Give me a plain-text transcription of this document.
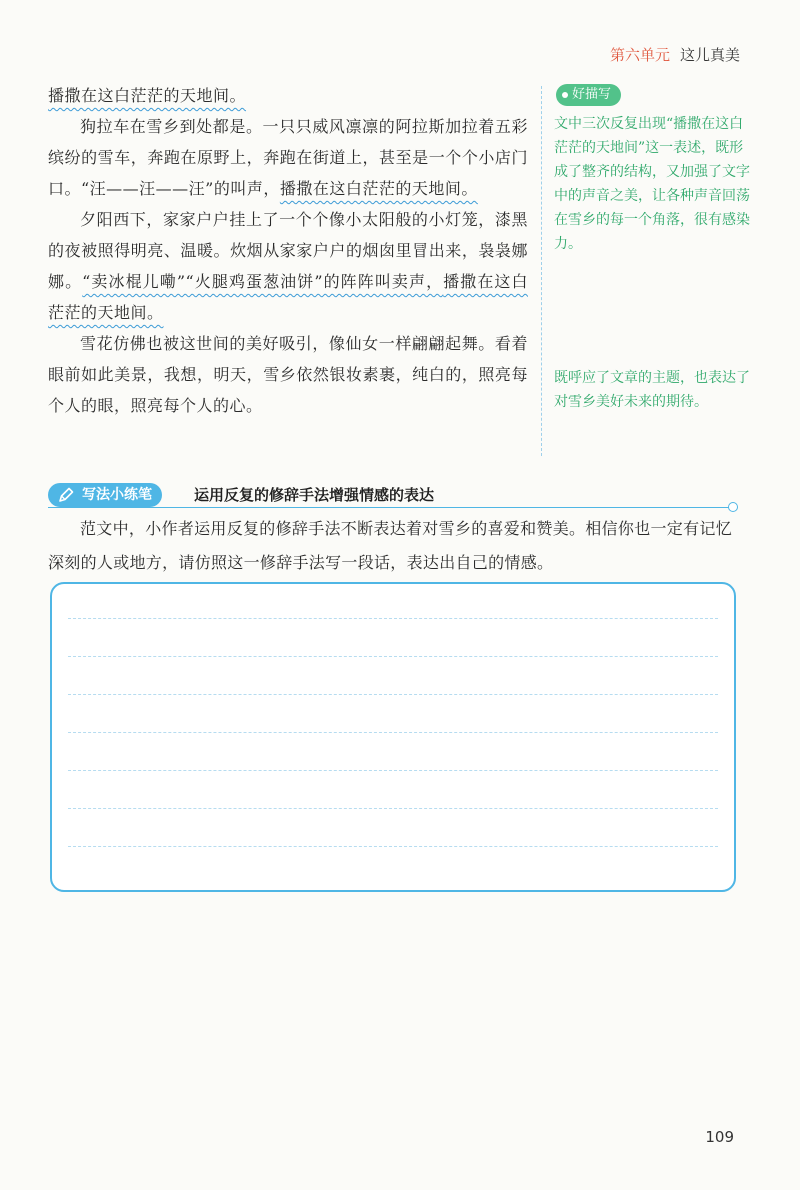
第六单元 这儿真美

播撒在这白茫茫的天地间。

狗拉车在雪乡到处都是。一只只威风凛凛的阿拉斯加拉着五彩缤纷的雪车，奔跑在原野上，奔跑在街道上，甚至是一个个小店门口。“汪——汪——汪”的叫声，播撒在这白茫茫的天地间。

夕阳西下，家家户户挂上了一个个像小太阳般的小灯笼，漆黑的夜被照得明亮、温暖。炊烟从家家户户的烟囱里冒出来，袅袅娜娜。“卖冰棍儿嘞”“火腿鸡蛋葱油饼”的阵阵叫卖声，播撒在这白茫茫的天地间。

雪花仿佛也被这世间的美好吸引，像仙女一样翩翩起舞。看着眼前如此美景，我想，明天，雪乡依然银妆素裹，纯白的，照亮每个人的眼，照亮每个人的心。

好描写
文中三次反复出现“播撒在这白茫茫的天地间”这一表述，既形成了整齐的结构，又加强了文字中的声音之美，让各种声音回荡在雪乡的每一个角落，很有感染力。
既呼应了文章的主题，也表达了对雪乡美好未来的期待。
写法小练笔	运用反复的修辞手法增强情感的表达

范文中，小作者运用反复的修辞手法不断表达着对雪乡的喜爱和赞美。相信你也一定有记忆深刻的人或地方，请仿照这一修辞手法写一段话，表达出自己的情感。

109
